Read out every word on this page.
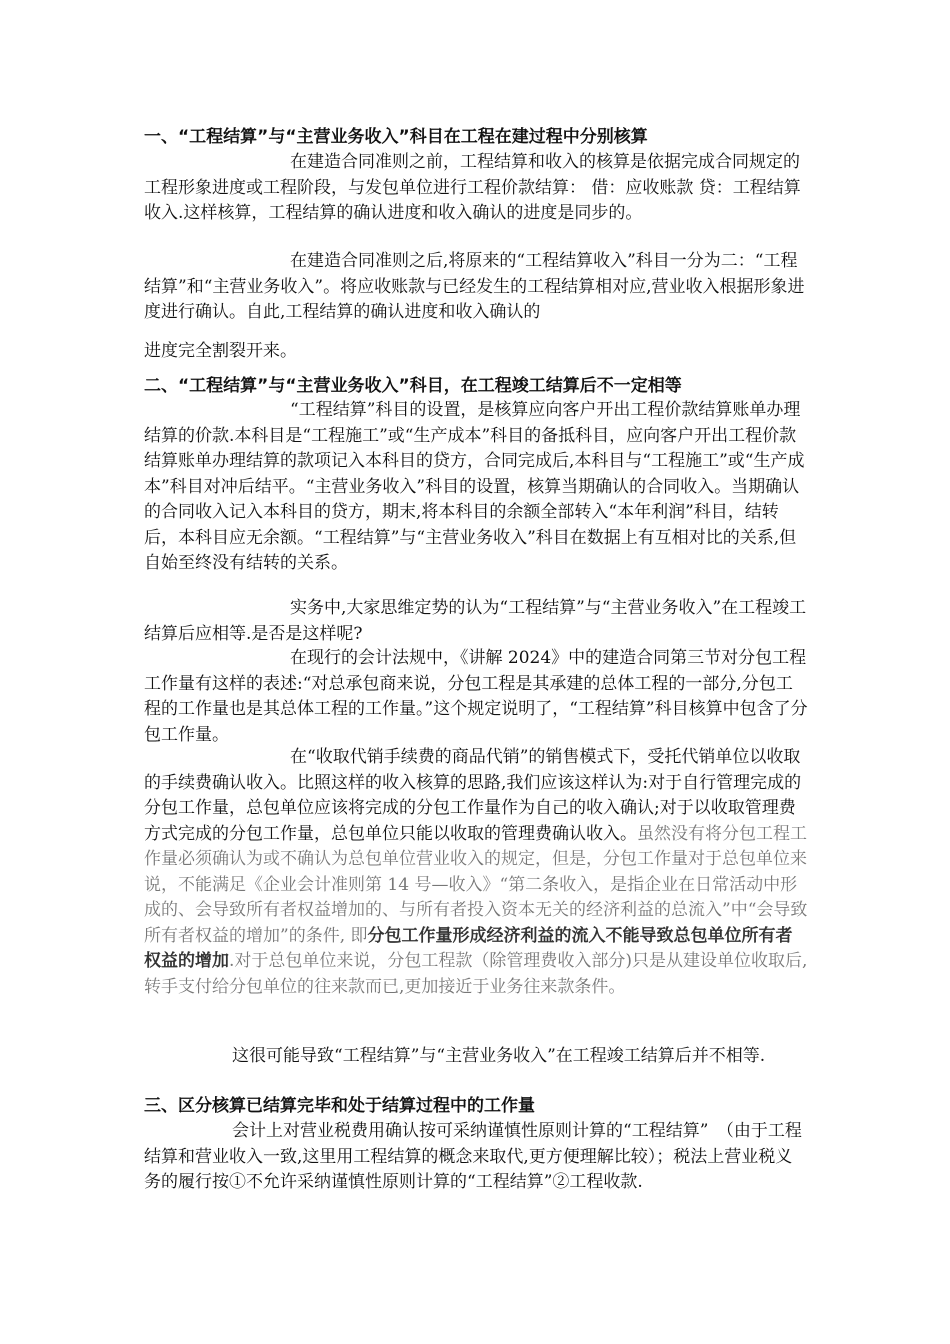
一、“工程结算”与“主营业务收入”科目在工程在建过程中分别核算
在建造合同准则之前，工程结算和收入的核算是依据完成合同规定的工程形象进度或工程阶段，与发包单位进行工程价款结算： 借：应收账款 贷：工程结算收入.这样核算，工程结算的确认进度和收入确认的进度是同步的。
在建造合同准则之后,将原来的“工程结算收入”科目一分为二：“工程结算”和“主营业务收入”。将应收账款与已经发生的工程结算相对应,营业收入根据形象进度进行确认。自此,工程结算的确认进度和收入确认的
进度完全割裂开来。
二、“工程结算”与“主营业务收入”科目，在工程竣工结算后不一定相等
“工程结算”科目的设置，是核算应向客户开出工程价款结算账单办理结算的价款.本科目是“工程施工”或“生产成本”科目的备抵科目，应向客户开出工程价款结算账单办理结算的款项记入本科目的贷方，合同完成后,本科目与“工程施工”或“生产成本”科目对冲后结平。“主营业务收入”科目的设置，核算当期确认的合同收入。当期确认的合同收入记入本科目的贷方，期末,将本科目的余额全部转入“本年利润”科目，结转后，本科目应无余额。“工程结算”与“主营业务收入”科目在数据上有互相对比的关系,但自始至终没有结转的关系。
实务中,大家思维定势的认为“工程结算”与“主营业务收入”在工程竣工结算后应相等.是否是这样呢?
在现行的会计法规中，《讲解 2024》中的建造合同第三节对分包工程工作量有这样的表述:“对总承包商来说，分包工程是其承建的总体工程的一部分,分包工程的工作量也是其总体工程的工作量。”这个规定说明了，“工程结算”科目核算中包含了分包工作量。
在“收取代销手续费的商品代销”的销售模式下，受托代销单位以收取的手续费确认收入。比照这样的收入核算的思路,我们应该这样认为:对于自行管理完成的分包工作量，总包单位应该将完成的分包工作量作为自己的收入确认;对于以收取管理费方式完成的分包工作量，总包单位只能以收取的管理费确认收入。虽然没有将分包工程工作量必须确认为或不确认为总包单位营业收入的规定，但是，分包工作量对于总包单位来说，不能满足《企业会计准则第 14 号—收入》“第二条收入，是指企业在日常活动中形成的、会导致所有者权益增加的、与所有者投入资本无关的经济利益的总流入”中“会导致所有者权益的增加”的条件, 即分包工作量形成经济利益的流入不能导致总包单位所有者权益的增加.对于总包单位来说，分包工程款（除管理费收入部分)只是从建设单位收取后,转手支付给分包单位的往来款而已,更加接近于业务往来款条件。
这很可能导致“工程结算”与“主营业务收入”在工程竣工结算后并不相等.
三、区分核算已结算完毕和处于结算过程中的工作量
会计上对营业税费用确认按可采纳谨慎性原则计算的“工程结算”　（由于工程结算和营业收入一致,这里用工程结算的概念来取代,更方便理解比较）；税法上营业税义务的履行按①不允许采纳谨慎性原则计算的“工程结算”②工程收款.
